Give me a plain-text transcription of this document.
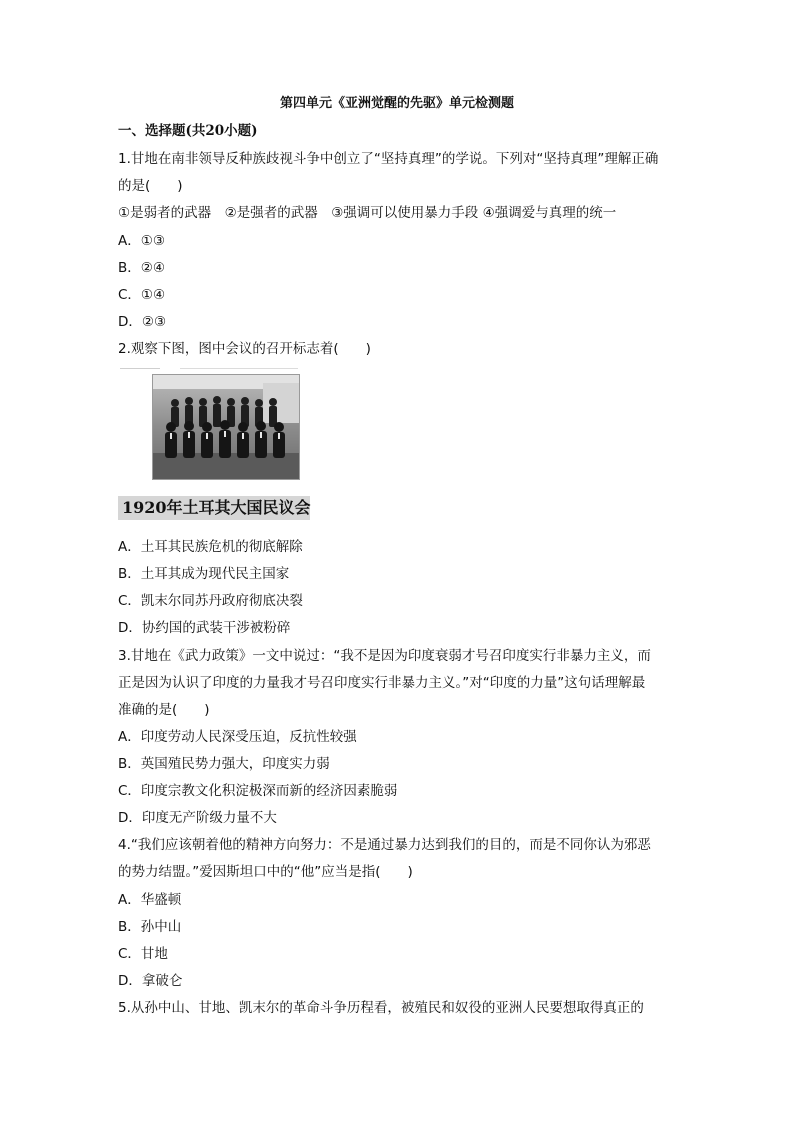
第四单元《亚洲觉醒的先驱》单元检测题
一、选择题(共20小题)
1.甘地在南非领导反种族歧视斗争中创立了“坚持真理”的学说。下列对“坚持真理”理解正确
的是(　　)
①是弱者的武器　②是强者的武器　③强调可以使用暴力手段 ④强调爱与真理的统一
A．①③
B．②④
C．①④
D．②③
2.观察下图，图中会议的召开标志着(　　)
1920年土耳其大国民议会
A．土耳其民族危机的彻底解除
B．土耳其成为现代民主国家
C．凯末尔同苏丹政府彻底决裂
D．协约国的武装干涉被粉碎
3.甘地在《武力政策》一文中说过：“我不是因为印度衰弱才号召印度实行非暴力主义，而
正是因为认识了印度的力量我才号召印度实行非暴力主义。”对“印度的力量”这句话理解最
准确的是(　　)
A．印度劳动人民深受压迫，反抗性较强
B．英国殖民势力强大，印度实力弱
C．印度宗教文化积淀极深而新的经济因素脆弱
D．印度无产阶级力量不大
4.“我们应该朝着他的精神方向努力：不是通过暴力达到我们的目的，而是不同你认为邪恶
的势力结盟。”爱因斯坦口中的“他”应当是指(　　)
A．华盛顿
B．孙中山
C．甘地
D．拿破仑
5.从孙中山、甘地、凯末尔的革命斗争历程看，被殖民和奴役的亚洲人民要想取得真正的
